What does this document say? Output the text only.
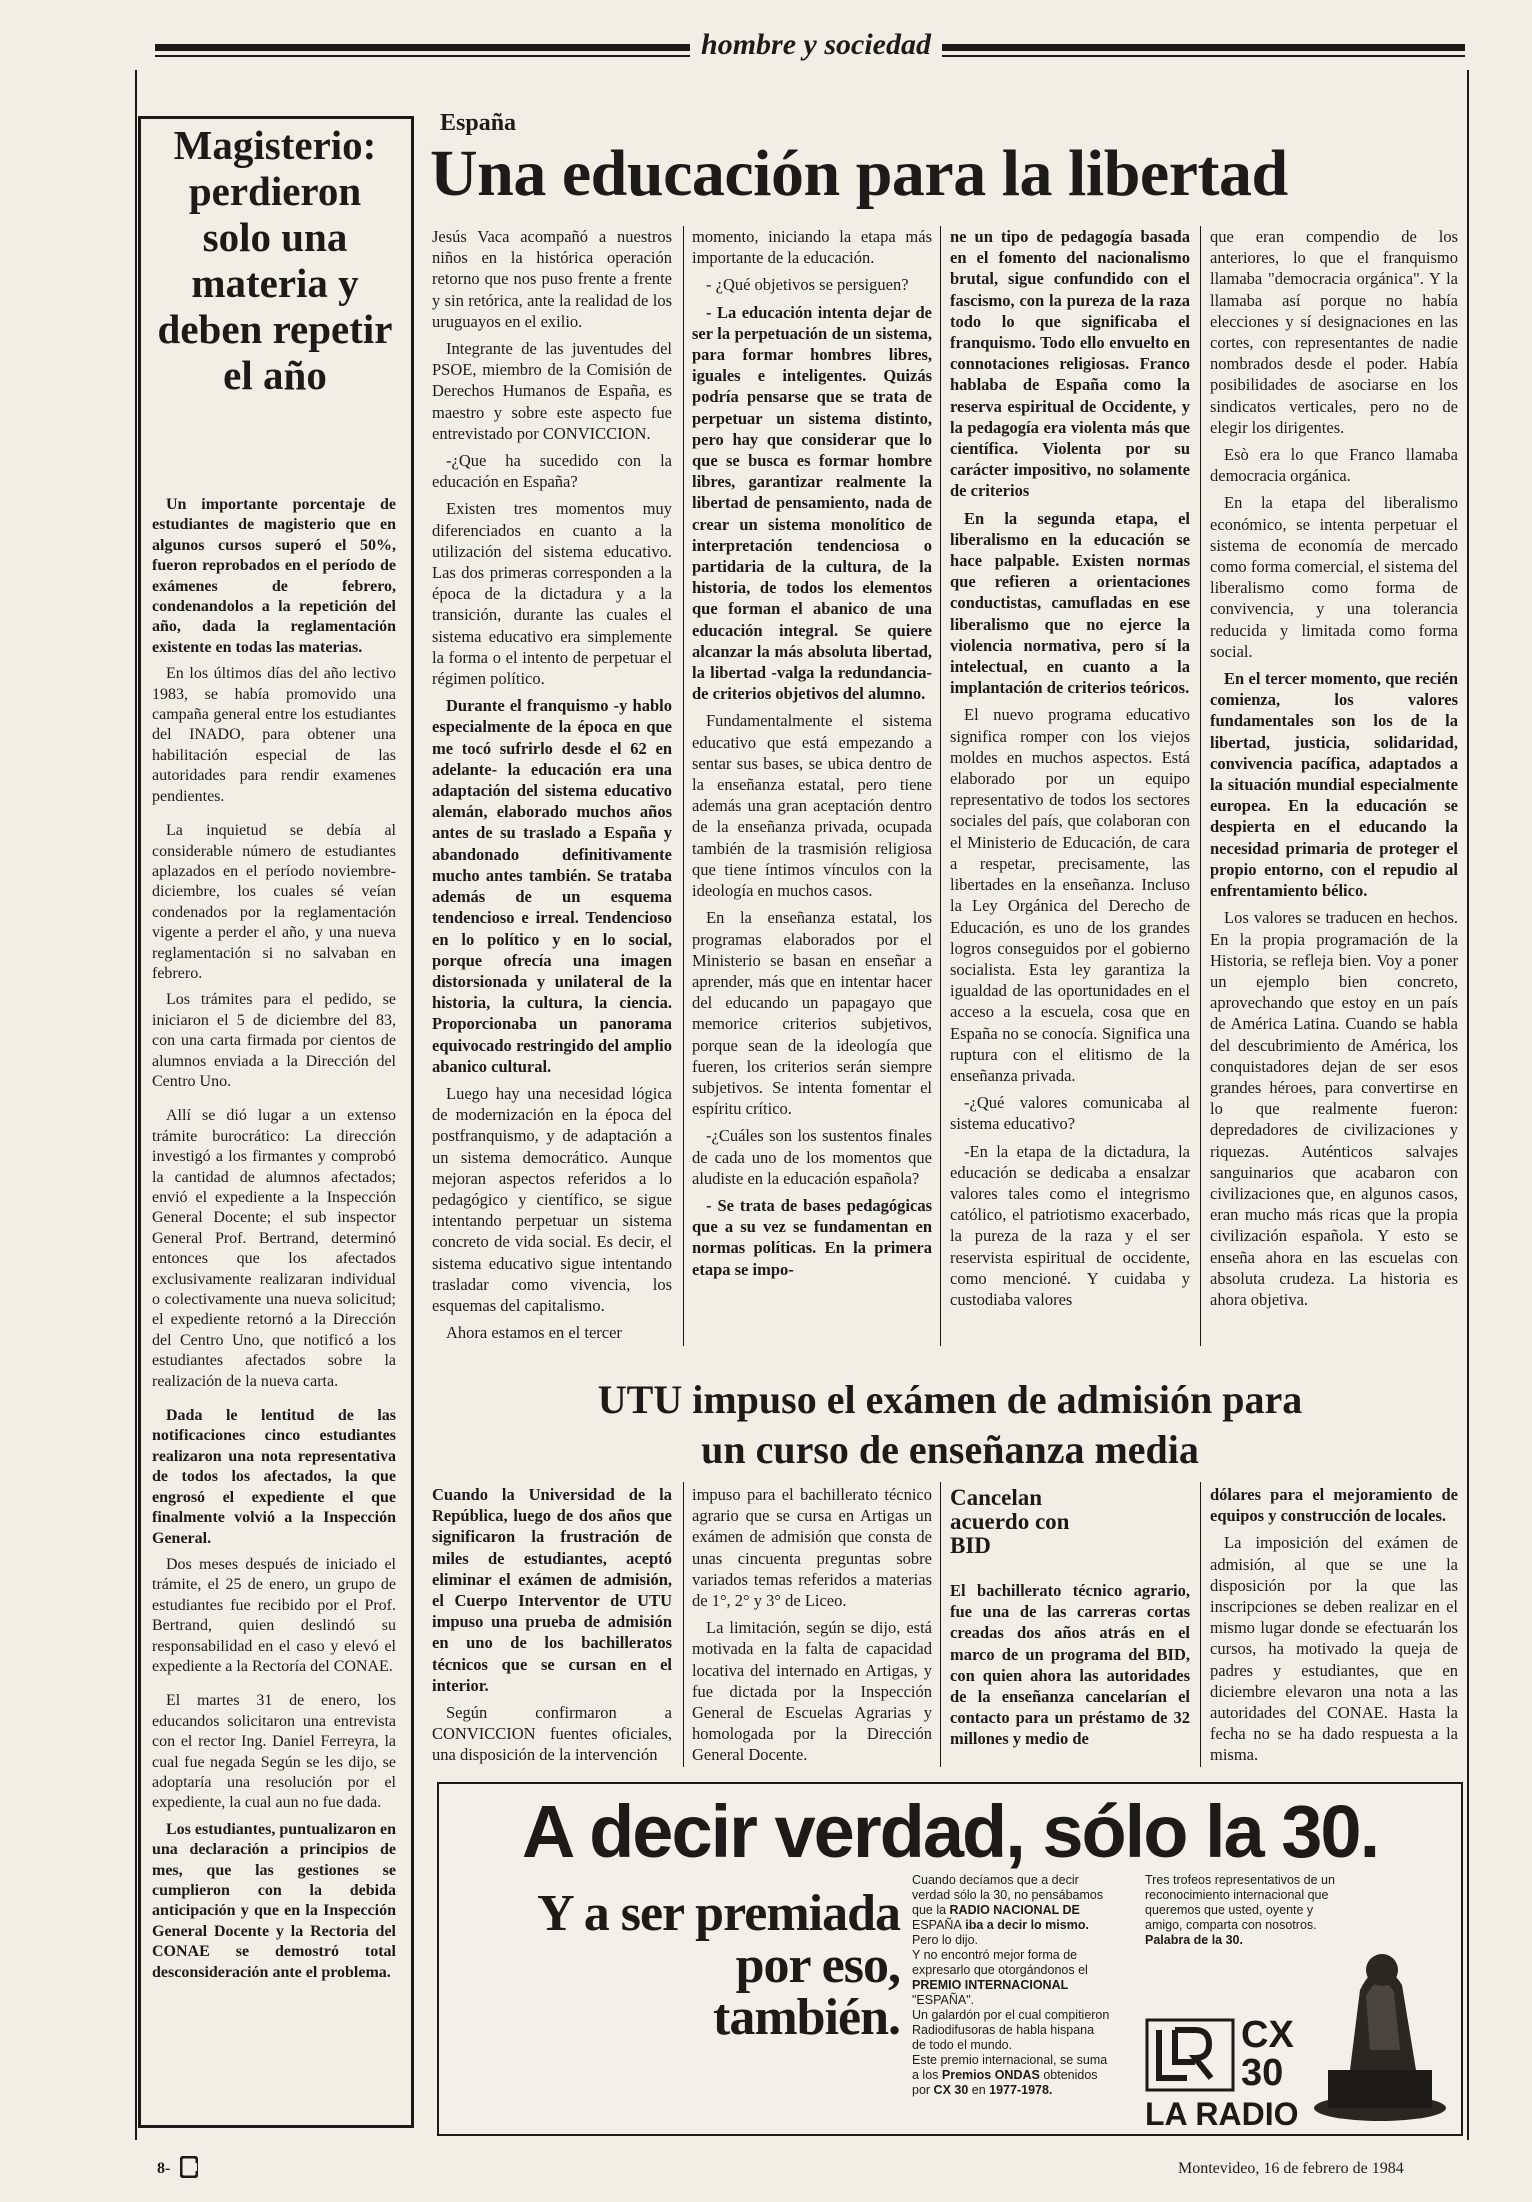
hombre y sociedad
Magisterio: perdieron solo una materia y deben repetir el año

Un importante porcentaje de estudiantes de magisterio que en algunos cursos superó el 50%, fueron reprobados en el período de exámenes de febrero, condenandolos a la repetición del año, dada la reglamentación existente en todas las materias.

En los últimos días del año lectivo 1983, se había promovido una campaña general entre los estudiantes del INADO, para obtener una habilitación especial de las autoridades para rendir examenes pendientes.

La inquietud se debía al considerable número de estudiantes aplazados en el período noviembre-diciembre, los cuales sé veían condenados por la reglamentación vigente a perder el año, y una nueva reglamentación si no salvaban en febrero.

Los trámites para el pedido, se iniciaron el 5 de diciembre del 83, con una carta firmada por cientos de alumnos enviada a la Dirección del Centro Uno.

Allí se dió lugar a un extenso trámite burocrático: La dirección investigó a los firmantes y comprobó la cantidad de alumnos afectados; envió el expediente a la Inspección General Docente; el sub inspector General Prof. Bertrand, determinó entonces que los afectados exclusivamente realizaran individual o colectivamente una nueva solicitud; el expediente retornó a la Dirección del Centro Uno, que notificó a los estudiantes afectados sobre la realización de la nueva carta.

Dada le lentitud de las notificaciones cinco estudiantes realizaron una nota representativa de todos los afectados, la que engrosó el expediente el que finalmente volvió a la Inspección General.

Dos meses después de iniciado el trámite, el 25 de enero, un grupo de estudiantes fue recibido por el Prof. Bertrand, quien deslindó su responsabilidad en el caso y elevó el expediente a la Rectoría del CONAE.

El martes 31 de enero, los educandos solicitaron una entrevista con el rector Ing. Daniel Ferreyra, la cual fue negada Según se les dijo, se adoptaría una resolución por el expediente, la cual aun no fue dada.

Los estudiantes, puntualizaron en una declaración a principios de mes, que las gestiones se cumplieron con la debida anticipación y que en la Inspección General Docente y la Rectoria del CONAE se demostró total desconsideración ante el problema.

España
Una educación para la libertad

Jesús Vaca acompañó a nuestros niños en la histórica operación retorno que nos puso frente a frente y sin retórica, ante la realidad de los uruguayos en el exilio.

Integrante de las juventudes del PSOE, miembro de la Comisión de Derechos Humanos de España, es maestro y sobre este aspecto fue entrevistado por CONVICCION.

-¿Que ha sucedido con la educación en España?

Existen tres momentos muy diferenciados en cuanto a la utilización del sistema educativo. Las dos primeras corresponden a la época de la dictadura y a la transición, durante las cuales el sistema educativo era simplemente la forma o el intento de perpetuar el régimen político.

Durante el franquismo -y hablo especialmente de la época en que me tocó sufrirlo desde el 62 en adelante- la educación era una adaptación del sistema educativo alemán, elaborado muchos años antes de su traslado a España y abandonado definitivamente mucho antes también. Se trataba además de un esquema tendencioso e irreal. Tendencioso en lo político y en lo social, porque ofrecía una imagen distorsionada y unilateral de la historia, la cultura, la ciencia. Proporcionaba un panorama equivocado restringido del amplio abanico cultural.

Luego hay una necesidad lógica de modernización en la época del postfranquismo, y de adaptación a un sistema democrático. Aunque mejoran aspectos referidos a lo pedagógico y científico, se sigue intentando perpetuar un sistema concreto de vida social. Es decir, el sistema educativo sigue intentando trasladar como vivencia, los esquemas del capitalismo.

Ahora estamos en el tercer

momento, iniciando la etapa más importante de la educación.

- ¿Qué objetivos se persiguen?

- La educación intenta dejar de ser la perpetuación de un sistema, para formar hombres libres, iguales e inteligentes. Quizás podría pensarse que se trata de perpetuar un sistema distinto, pero hay que considerar que lo que se busca es formar hombre libres, garantizar realmente la libertad de pensamiento, nada de crear un sistema monolítico de interpretación tendenciosa o partidaria de la cultura, de la historia, de todos los elementos que forman el abanico de una educación integral. Se quiere alcanzar la más absoluta libertad, la libertad -valga la redundancia- de criterios objetivos del alumno.

Fundamentalmente el sistema educativo que está empezando a sentar sus bases, se ubica dentro de la enseñanza estatal, pero tiene además una gran aceptación dentro de la enseñanza privada, ocupada también de la trasmisión religiosa que tiene íntimos vínculos con la ideología en muchos casos.

En la enseñanza estatal, los programas elaborados por el Ministerio se basan en enseñar a aprender, más que en intentar hacer del educando un papagayo que memorice criterios subjetivos, porque sean de la ideología que fueren, los criterios serán siempre subjetivos. Se intenta fomentar el espíritu crítico.

-¿Cuáles son los sustentos finales de cada uno de los momentos que aludiste en la educación española?

- Se trata de bases pedagógicas que a su vez se fundamentan en normas políticas. En la primera etapa se impo-

ne un tipo de pedagogía basada en el fomento del nacionalismo brutal, sigue confundido con el fascismo, con la pureza de la raza todo lo que significaba el franquismo. Todo ello envuelto en connotaciones religiosas. Franco hablaba de España como la reserva espiritual de Occidente, y la pedagogía era violenta más que científica. Violenta por su carácter impositivo, no solamente de criterios

En la segunda etapa, el liberalismo en la educación se hace palpable. Existen normas que refieren a orientaciones conductistas, camufladas en ese liberalismo que no ejerce la violencia normativa, pero sí la intelectual, en cuanto a la implantación de criterios teóricos.

El nuevo programa educativo significa romper con los viejos moldes en muchos aspectos. Está elaborado por un equipo representativo de todos los sectores sociales del país, que colaboran con el Ministerio de Educación, de cara a respetar, precisamente, las libertades en la enseñanza. Incluso la Ley Orgánica del Derecho de Educación, es uno de los grandes logros conseguidos por el gobierno socialista. Esta ley garantiza la igualdad de las oportunidades en el acceso a la escuela, cosa que en España no se conocía. Significa una ruptura con el elitismo de la enseñanza privada.

-¿Qué valores comunicaba al sistema educativo?

-En la etapa de la dictadura, la educación se dedicaba a ensalzar valores tales como el integrismo católico, el patriotismo exacerbado, la pureza de la raza y el ser reservista espiritual de occidente, como mencioné. Y cuidaba y custodiaba valores

que eran compendio de los anteriores, lo que el franquismo llamaba "democracia orgánica". Y la llamaba así porque no había elecciones y sí designaciones en las cortes, con representantes de nadie nombrados desde el poder. Había posibilidades de asociarse en los sindicatos verticales, pero no de elegir los dirigentes.

Esò era lo que Franco llamaba democracia orgánica.

En la etapa del liberalismo económico, se intenta perpetuar el sistema de economía de mercado como forma comercial, el sistema del liberalismo como forma de convivencia, y una tolerancia reducida y limitada como forma social.

En el tercer momento, que recién comienza, los valores fundamentales son los de la libertad, justicia, solidaridad, convivencia pacífica, adaptados a la situación mundial especialmente europea. En la educación se despierta en el educando la necesidad primaria de proteger el propio entorno, con el repudio al enfrentamiento bélico.

Los valores se traducen en hechos. En la propia programación de la Historia, se refleja bien. Voy a poner un ejemplo bien concreto, aprovechando que estoy en un país de América Latina. Cuando se habla del descubrimiento de América, los conquistadores dejan de ser esos grandes héroes, para convertirse en lo que realmente fueron: depredadores de civilizaciones y riquezas. Auténticos salvajes sanguinarios que acabaron con civilizaciones que, en algunos casos, eran mucho más ricas que la propia civilización española. Y esto se enseña ahora en las escuelas con absoluta crudeza. La historia es ahora objetiva.

UTU impuso el exámen de admisión para
un curso de enseñanza media

Cuando la Universidad de la República, luego de dos años que significaron la frustración de miles de estudiantes, aceptó eliminar el exámen de admisión, el Cuerpo Interventor de UTU impuso una prueba de admisión en uno de los bachilleratos técnicos que se cursan en el interior.

Según confirmaron a CONVICCION fuentes oficiales, una disposición de la intervención

impuso para el bachillerato técnico agrario que se cursa en Artigas un exámen de admisión que consta de unas cincuenta preguntas sobre variados temas referidos a materias de 1°, 2° y 3° de Liceo.

La limitación, según se dijo, está motivada en la falta de capacidad locativa del internado en Artigas, y fue dictada por la Inspección General de Escuelas Agrarias y homologada por la Dirección General Docente.

Cancelan acuerdo con BID

El bachillerato técnico agrario, fue una de las carreras cortas creadas dos años atrás en el marco de un programa del BID, con quien ahora las autoridades de la enseñanza cancelarían el contacto para un préstamo de 32 millones y medio de

dólares para el mejoramiento de equipos y construcción de locales.

La imposición del exámen de admisión, al que se une la disposición por la que las inscripciones se deben realizar en el mismo lugar donde se efectuarán los cursos, ha motivado la queja de padres y estudiantes, que en diciembre elevaron una nota a las autoridades del CONAE. Hasta la fecha no se ha dado respuesta a la misma.

A decir verdad, sólo la 30.
Y a ser premiada
por eso,
también.
Cuando decíamos que a decir
verdad sólo la 30, no pensábamos
que la RADIO NACIONAL DE
ESPAÑA iba a decir lo mismo.
Pero lo dijo.
Y no encontró mejor forma de
expresarlo que otorgándonos el
PREMIO INTERNACIONAL
"ESPAÑA".
Un galardón por el cual compitieron
Radiodifusoras de habla hispana
de todo el mundo.
Este premio internacional, se suma
a los Premios ONDAS obtenidos
por CX 30 en 1977-1978.
Tres trofeos representativos de un
reconocimiento internacional que
queremos que usted, oyente y
amigo, comparta con nosotros.
Palabra de la 30.
CX
30
LA RADIO
8-	Montevideo, 16 de febrero de 1984
